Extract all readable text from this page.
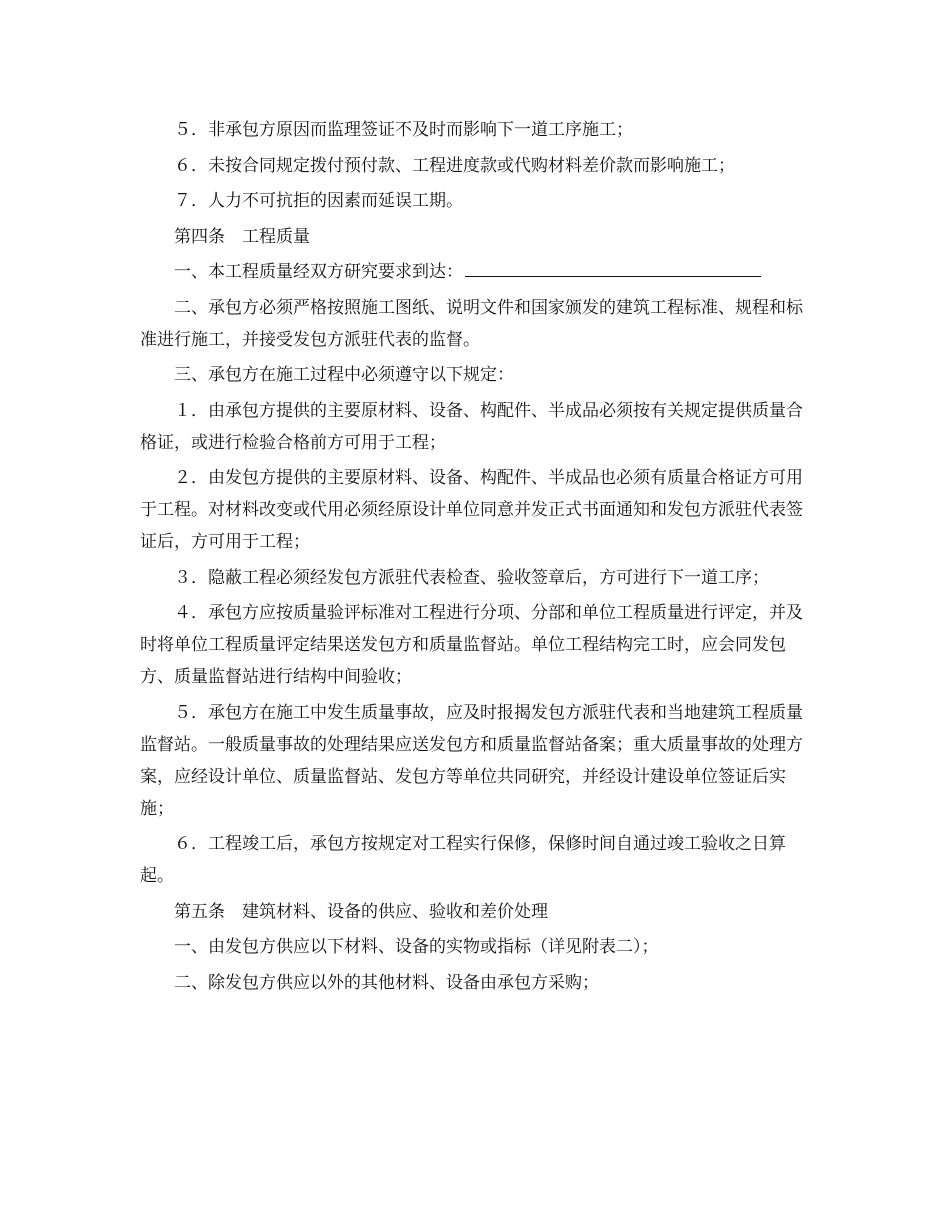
５．非承包方原因而监理签证不及时而影响下一道工序施工；

６．未按合同规定拨付预付款、工程进度款或代购材料差价款而影响施工；

７．人力不可抗拒的因素而延误工期。

第四条　工程质量

一、本工程质量经双方研究要求到达：

二、承包方必须严格按照施工图纸、说明文件和国家颁发的建筑工程标准、规程和标准进行施工，并接受发包方派驻代表的监督。

三、承包方在施工过程中必须遵守以下规定：

１．由承包方提供的主要原材料、设备、构配件、半成品必须按有关规定提供质量合格证，或进行检验合格前方可用于工程；

２．由发包方提供的主要原材料、设备、构配件、半成品也必须有质量合格证方可用于工程。对材料改变或代用必须经原设计单位同意并发正式书面通知和发包方派驻代表签证后，方可用于工程；

３．隐蔽工程必须经发包方派驻代表检查、验收签章后，方可进行下一道工序；

４．承包方应按质量验评标准对工程进行分项、分部和单位工程质量进行评定，并及时将单位工程质量评定结果送发包方和质量监督站。单位工程结构完工时，应会同发包方、质量监督站进行结构中间验收；

５．承包方在施工中发生质量事故，应及时报揭发包方派驻代表和当地建筑工程质量监督站。一般质量事故的处理结果应送发包方和质量监督站备案；重大质量事故的处理方案，应经设计单位、质量监督站、发包方等单位共同研究，并经设计建设单位签证后实施；

６．工程竣工后，承包方按规定对工程实行保修，保修时间自通过竣工验收之日算起。

第五条　建筑材料、设备的供应、验收和差价处理

一、由发包方供应以下材料、设备的实物或指标（详见附表二）；

二、除发包方供应以外的其他材料、设备由承包方采购；
